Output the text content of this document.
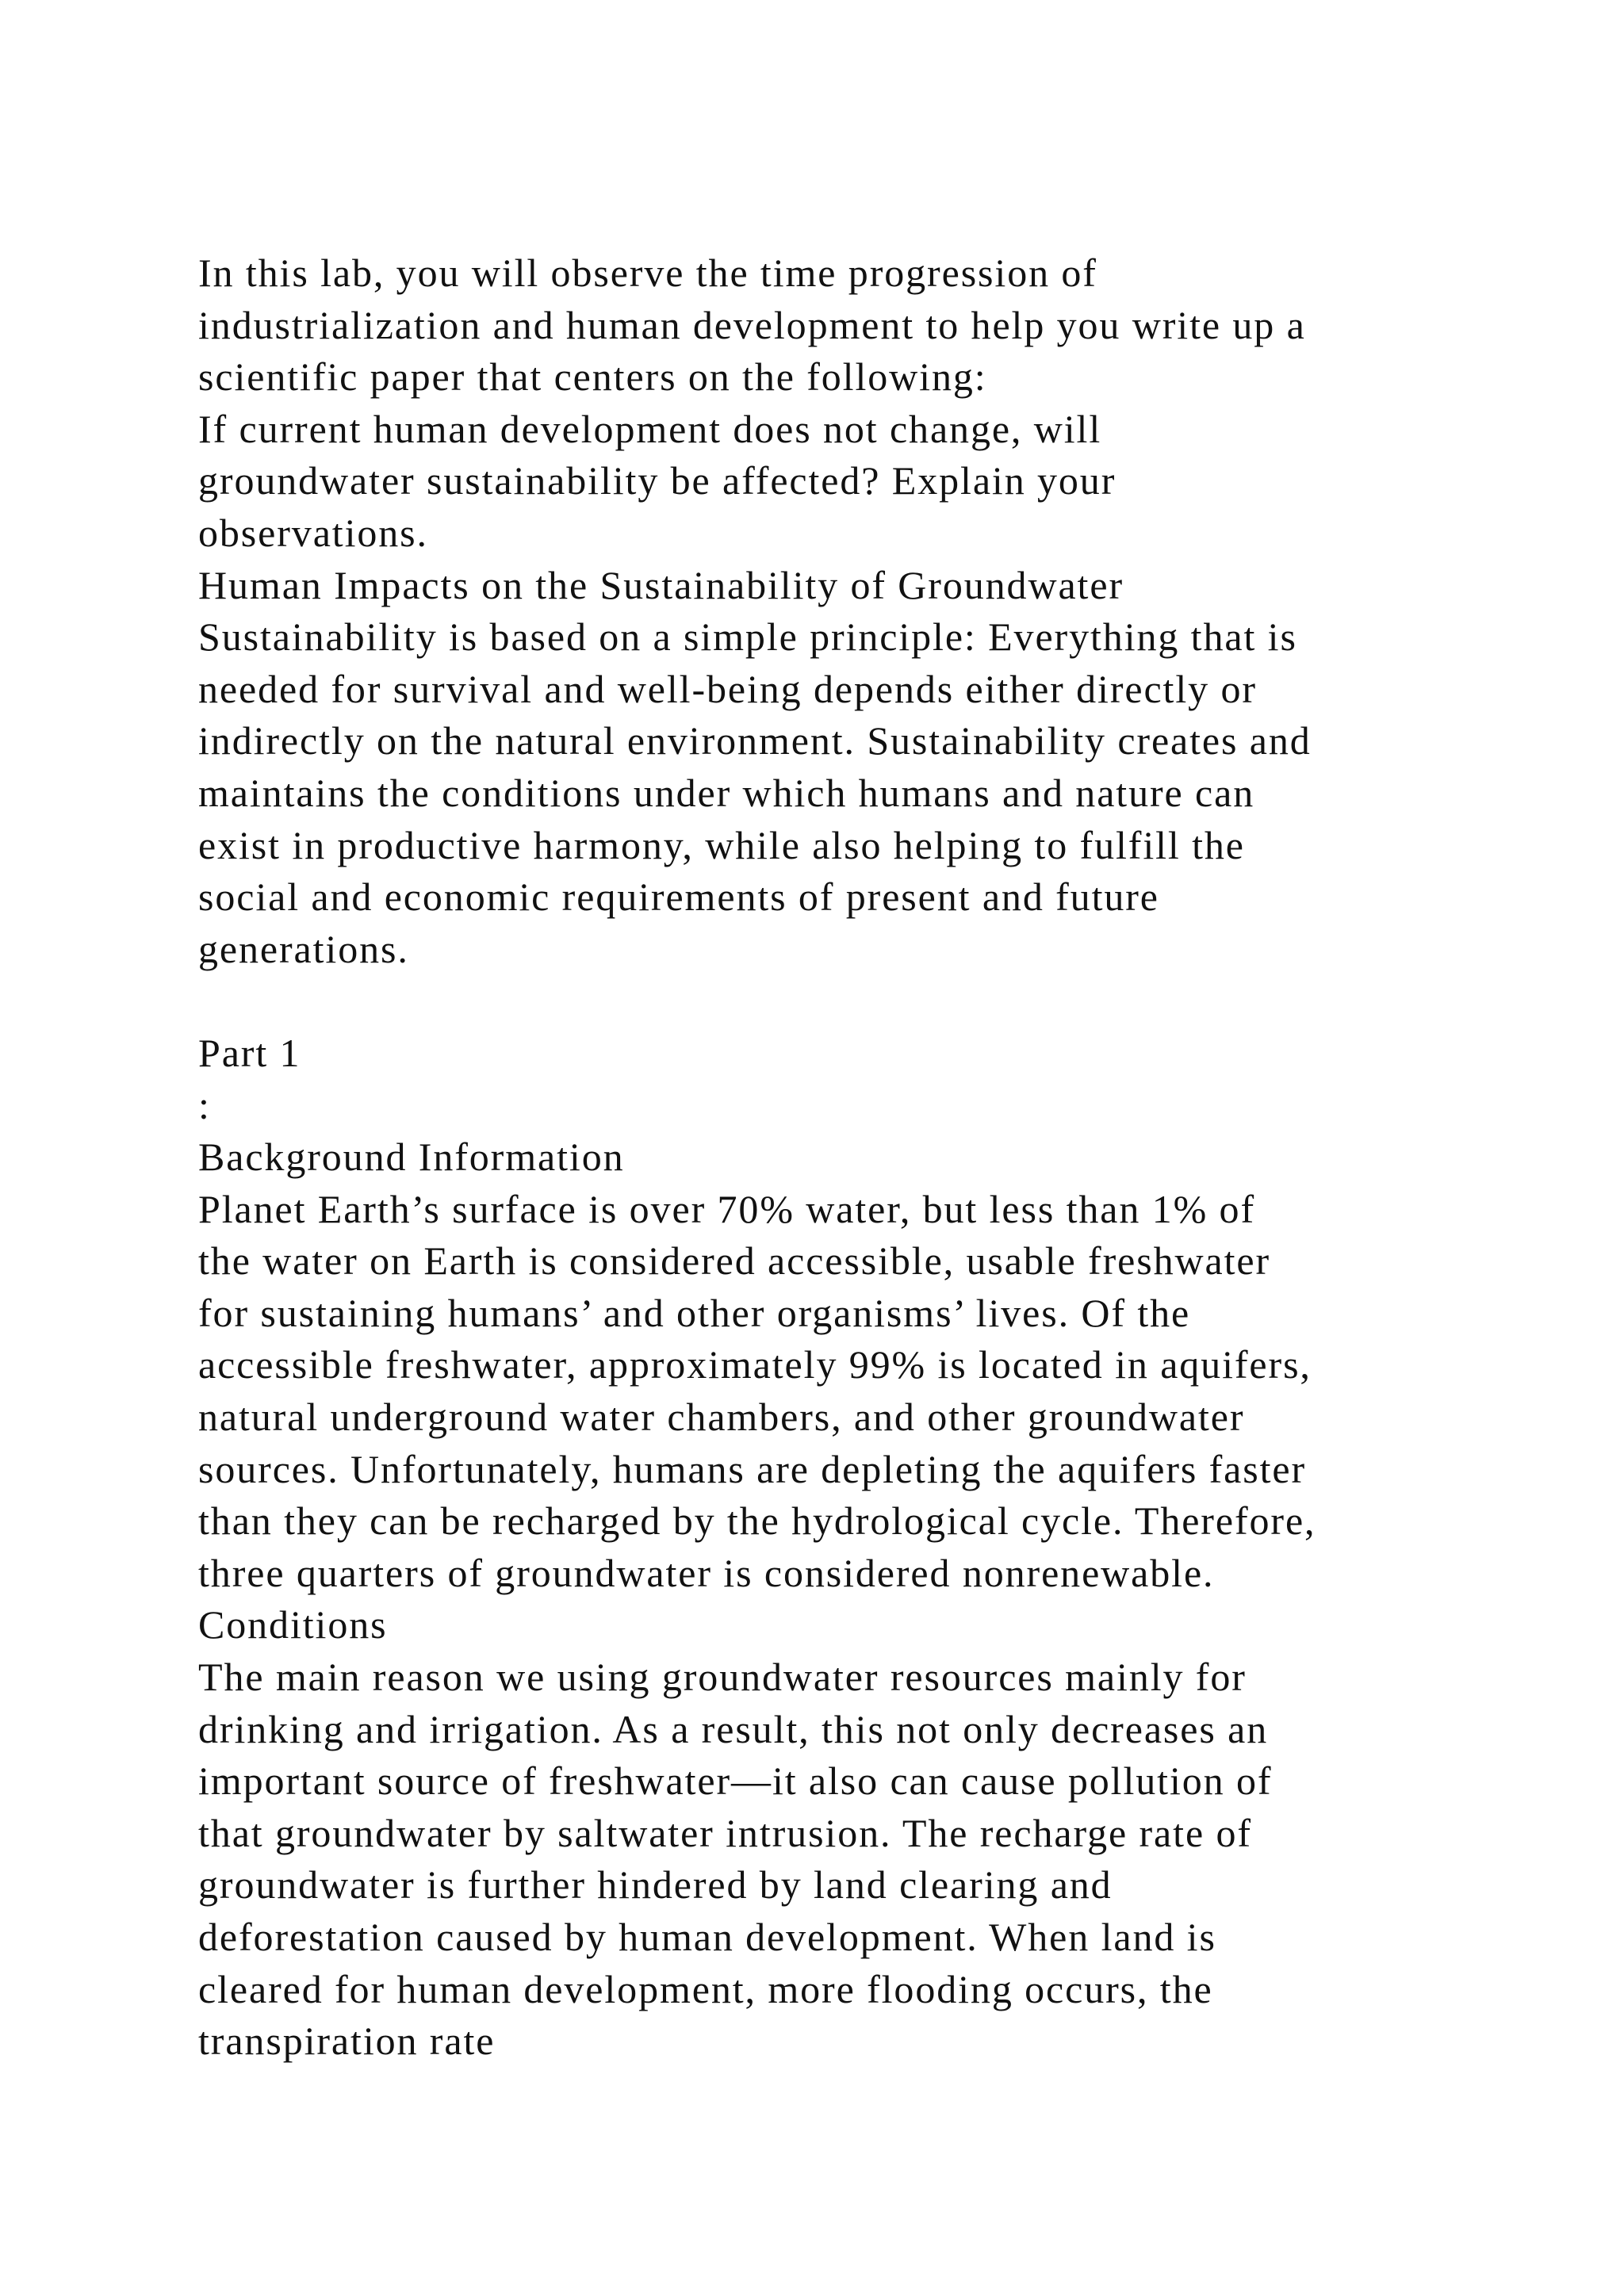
In this lab, you will observe the time progression of
industrialization and human development to help you write up a
scientific paper that centers on the following:
If current human development does not change, will
groundwater sustainability be affected? Explain your
observations.
Human Impacts on the Sustainability of Groundwater
Sustainability is based on a simple principle: Everything that is
needed for survival and well-being depends either directly or
indirectly on the natural environment. Sustainability creates and
maintains the conditions under which humans and nature can
exist in productive harmony, while also helping to fulfill the
social and economic requirements of present and future
generations.
Part 1
:
Background Information
Planet Earth’s surface is over 70% water, but less than 1% of
the water on Earth is considered accessible, usable freshwater
for sustaining humans’ and other organisms’ lives. Of the
accessible freshwater, approximately 99% is located in aquifers,
natural underground water chambers, and other groundwater
sources. Unfortunately, humans are depleting the aquifers faster
than they can be recharged by the hydrological cycle. Therefore,
three quarters of groundwater is considered nonrenewable.
Conditions
The main reason we using groundwater resources mainly for
drinking and irrigation. As a result, this not only decreases an
important source of freshwater—it also can cause pollution of
that groundwater by saltwater intrusion. The recharge rate of
groundwater is further hindered by land clearing and
deforestation caused by human development. When land is
cleared for human development, more flooding occurs, the
transpiration rate
